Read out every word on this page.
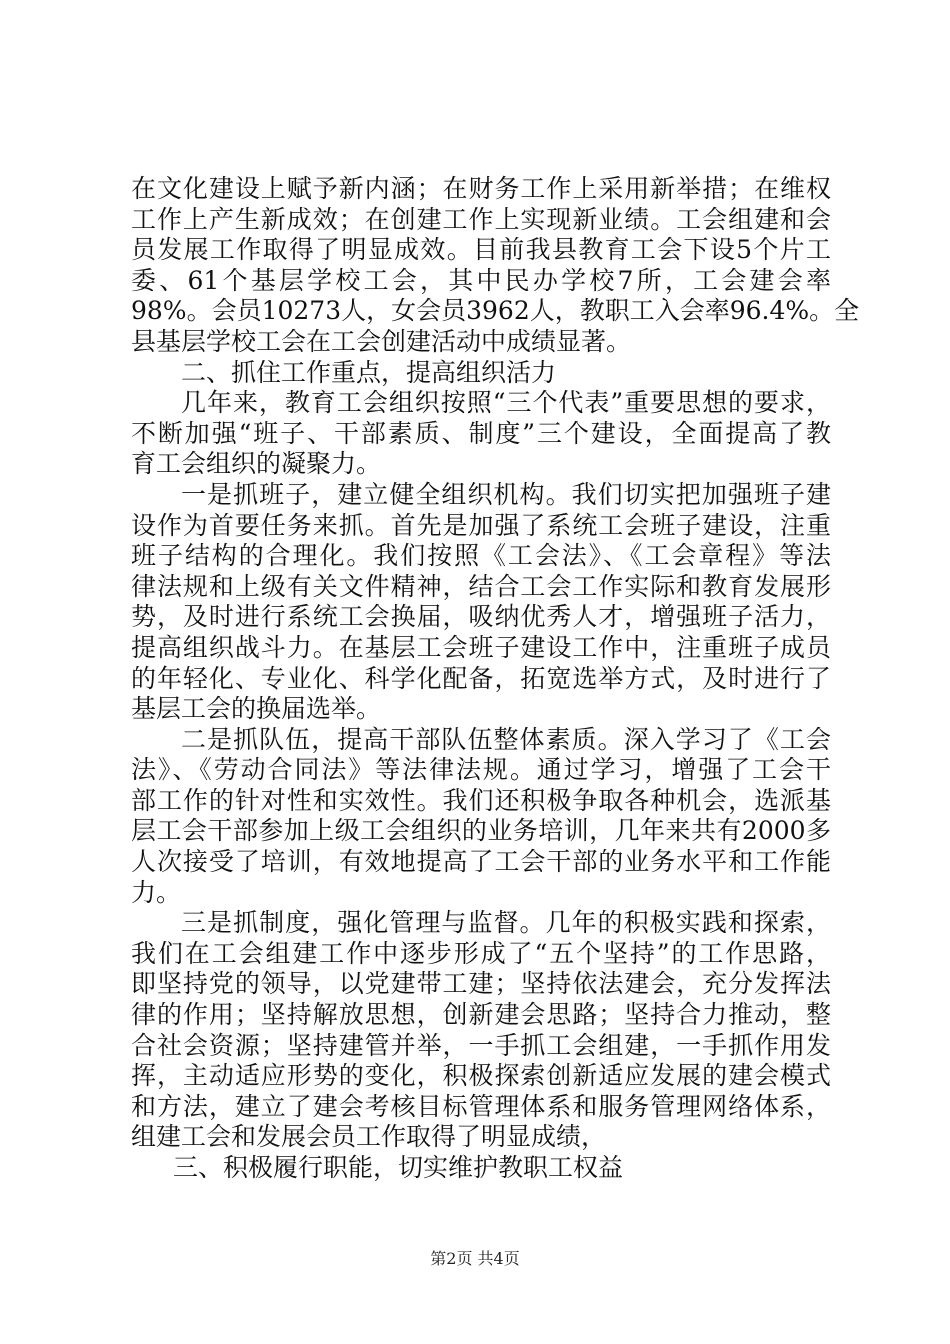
在文化建设上赋予新内涵；在财务工作上采用新举措；在维权
工作上产生新成效；在创建工作上实现新业绩。工会组建和会
员发展工作取得了明显成效。目前我县教育工会下设5个片工
委、61个基层学校工会，其中民办学校7所，工会建会率
98%。会员10273人，女会员3962人，教职工入会率96.4%。全
县基层学校工会在工会创建活动中成绩显著。
二、抓住工作重点，提高组织活力
几年来，教育工会组织按照“三个代表”重要思想的要求，
不断加强“班子、干部素质、制度”三个建设，全面提高了教
育工会组织的凝聚力。
一是抓班子，建立健全组织机构。我们切实把加强班子建
设作为首要任务来抓。首先是加强了系统工会班子建设，注重
班子结构的合理化。我们按照《工会法》、《工会章程》等法
律法规和上级有关文件精神，结合工会工作实际和教育发展形
势，及时进行系统工会换届，吸纳优秀人才，增强班子活力，
提高组织战斗力。在基层工会班子建设工作中，注重班子成员
的年轻化、专业化、科学化配备，拓宽选举方式，及时进行了
基层工会的换届选举。
二是抓队伍，提高干部队伍整体素质。深入学习了《工会
法》、《劳动合同法》等法律法规。通过学习，增强了工会干
部工作的针对性和实效性。我们还积极争取各种机会，选派基
层工会干部参加上级工会组织的业务培训，几年来共有2000多
人次接受了培训，有效地提高了工会干部的业务水平和工作能
力。
三是抓制度，强化管理与监督。几年的积极实践和探索，
我们在工会组建工作中逐步形成了“五个坚持”的工作思路，
即坚持党的领导，以党建带工建；坚持依法建会，充分发挥法
律的作用；坚持解放思想，创新建会思路；坚持合力推动，整
合社会资源；坚持建管并举，一手抓工会组建，一手抓作用发
挥，主动适应形势的变化，积极探索创新适应发展的建会模式
和方法，建立了建会考核目标管理体系和服务管理网络体系，
组建工会和发展会员工作取得了明显成绩，
三、积极履行职能，切实维护教职工权益
第2页 共4页
